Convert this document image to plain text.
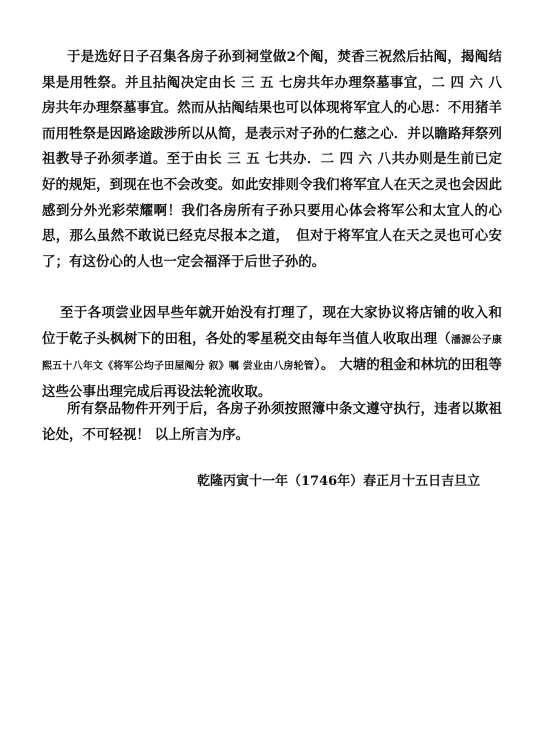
于是选好日子召集各房子孙到祠堂做2个阄，焚香三祝然后拈阄，揭阄结果是用牲祭。并且拈阄决定由长 三 五 七房共年办理祭墓事宜，二 四 六 八房共年办理祭墓事宜。然而从拈阄结果也可以体现将军宜人的心思：不用猪羊而用牲祭是因路途跋涉所以从简，是表示对子孙的仁慈之心．并以瞻路拜祭列祖教导子孙须孝道。至于由长 三 五 七共办．二 四 六 八共办则是生前已定好的规矩，到现在也不会改变。如此安排则令我们将军宜人在天之灵也会因此感到分外光彩荣耀啊！我们各房所有子孙只要用心体会将军公和太宜人的心思，那么虽然不敢说已经克尽报本之道，　但对于将军宜人在天之灵也可心安了；有这份心的人也一定会福泽于后世子孙的。

至于各项尝业因早些年就开始没有打理了，现在大家协议将店铺的收入和位于乾子头枫树下的田租，各处的零星税交由每年当值人收取出理（潘源公子康熙五十八年文《将军公均子田屋阄分 叙》嘱 尝业由八房轮管）。 大塘的租金和林坑的田租等这些公事出理完成后再设法轮流收取。

所有祭品物件开列于后，各房子孙须按照簿中条文遵守执行，违者以欺祖论处，不可轻视！ 以上所言为序。

乾隆丙寅十一年（1746年）春正月十五日吉旦立
